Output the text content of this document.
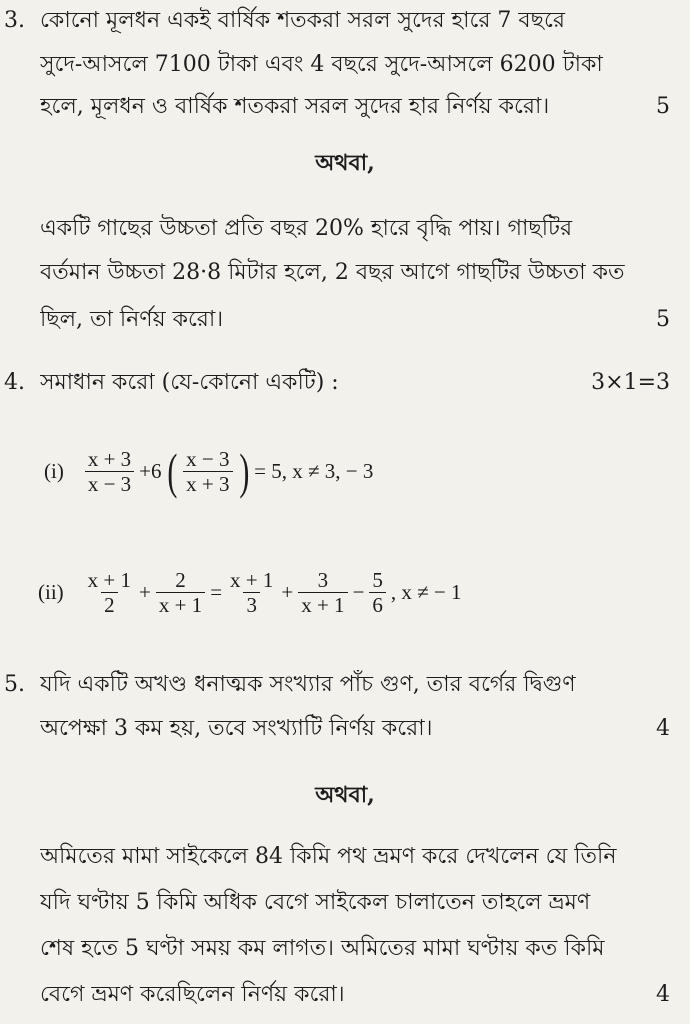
3. কোনো মূলধন একই বার্ষিক শতকরা সরল সুদের হারে 7 বছরে
সুদে-আসলে 7100 টাকা এবং 4 বছরে সুদে-আসলে 6200 টাকা
হলে, মূলধন ও বার্ষিক শতকরা সরল সুদের হার নির্ণয় করো।	5
অথবা,
একটি গাছের উচ্চতা প্রতি বছর 20% হারে বৃদ্ধি পায়। গাছটির
বর্তমান উচ্চতা 28·8 মিটার হলে, 2 বছর আগে গাছটির উচ্চতা কত
ছিল, তা নির্ণয় করো।	5
4. সমাধান করো (যে-কোনো একটি) :	3×1=3
$(i) \frac{x + 3}{x - 3} +6$ ( $\frac{x - 3}{x + 3}$ ) = 5, x ≠ 3, − 3
$(ii) \frac{x + 1}{2} + \frac{2}{x + 1} = \frac{x + 1}{3} + \frac{3}{x + 1} - \frac{5}{6}$ , x ≠ − 1
5. যদি একটি অখণ্ড ধনাত্মক সংখ্যার পাঁচ গুণ, তার বর্গের দ্বিগুণ
অপেক্ষা 3 কম হয়, তবে সংখ্যাটি নির্ণয় করো।	4
অথবা,
অমিতের মামা সাইকেলে 84 কিমি পথ ভ্রমণ করে দেখলেন যে তিনি
যদি ঘণ্টায় 5 কিমি অধিক বেগে সাইকেল চালাতেন তাহলে ভ্রমণ
শেষ হতে 5 ঘণ্টা সময় কম লাগত। অমিতের মামা ঘণ্টায় কত কিমি
বেগে ভ্রমণ করেছিলেন নির্ণয় করো।	4
